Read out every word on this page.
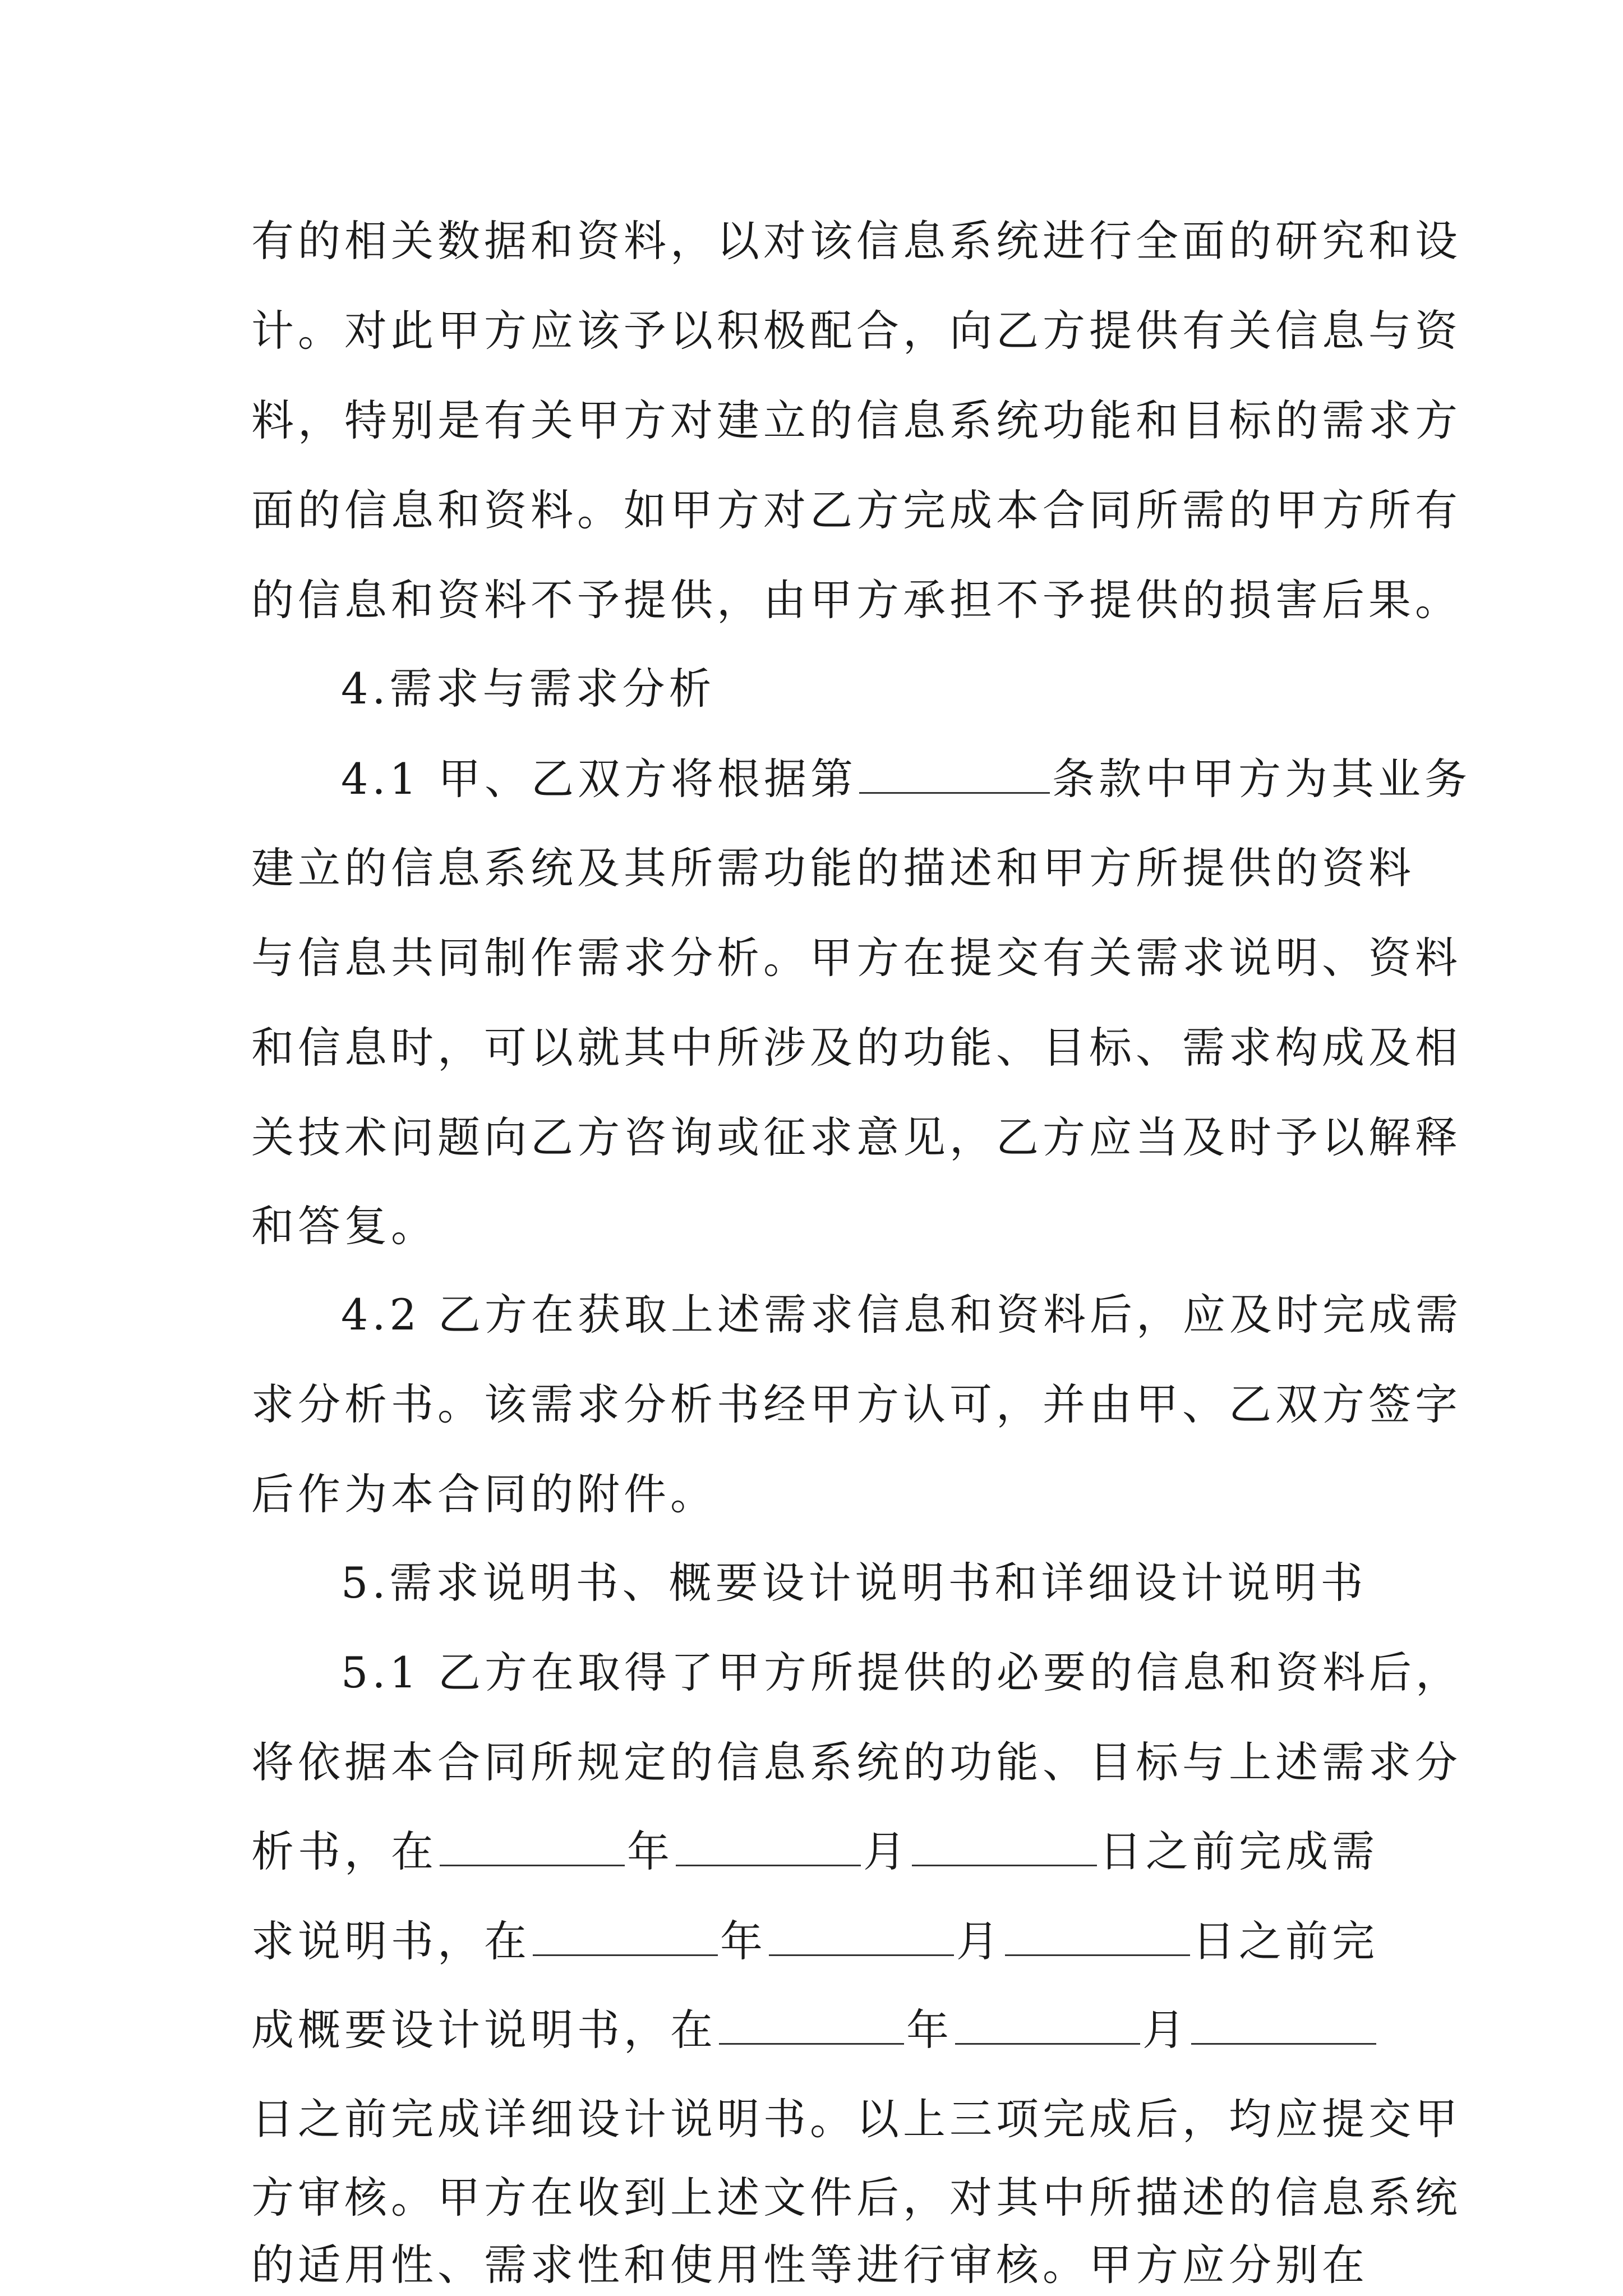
有的相关数据和资料，以对该信息系统进行全面的研究和设
计。对此甲方应该予以积极配合，向乙方提供有关信息与资
料，特别是有关甲方对建立的信息系统功能和目标的需求方
面的信息和资料。如甲方对乙方完成本合同所需的甲方所有
的信息和资料不予提供，由甲方承担不予提供的损害后果。
4.需求与需求分析
4.1 甲、乙双方将根据第	条款中甲方为其业务
建立的信息系统及其所需功能的描述和甲方所提供的资料
与信息共同制作需求分析。甲方在提交有关需求说明、资料
和信息时，可以就其中所涉及的功能、目标、需求构成及相
关技术问题向乙方咨询或征求意见，乙方应当及时予以解释
和答复。
4.2 乙方在获取上述需求信息和资料后，应及时完成需
求分析书。该需求分析书经甲方认可，并由甲、乙双方签字
后作为本合同的附件。
5.需求说明书、概要设计说明书和详细设计说明书
5.1 乙方在取得了甲方所提供的必要的信息和资料后，
将依据本合同所规定的信息系统的功能、目标与上述需求分
析书，在	年	月	日之前完成需
求说明书，在	年	月	日之前完
成概要设计说明书，在	年	月
日之前完成详细设计说明书。以上三项完成后，均应提交甲
方审核。甲方在收到上述文件后，对其中所描述的信息系统
的适用性、需求性和使用性等进行审核。甲方应分别在
